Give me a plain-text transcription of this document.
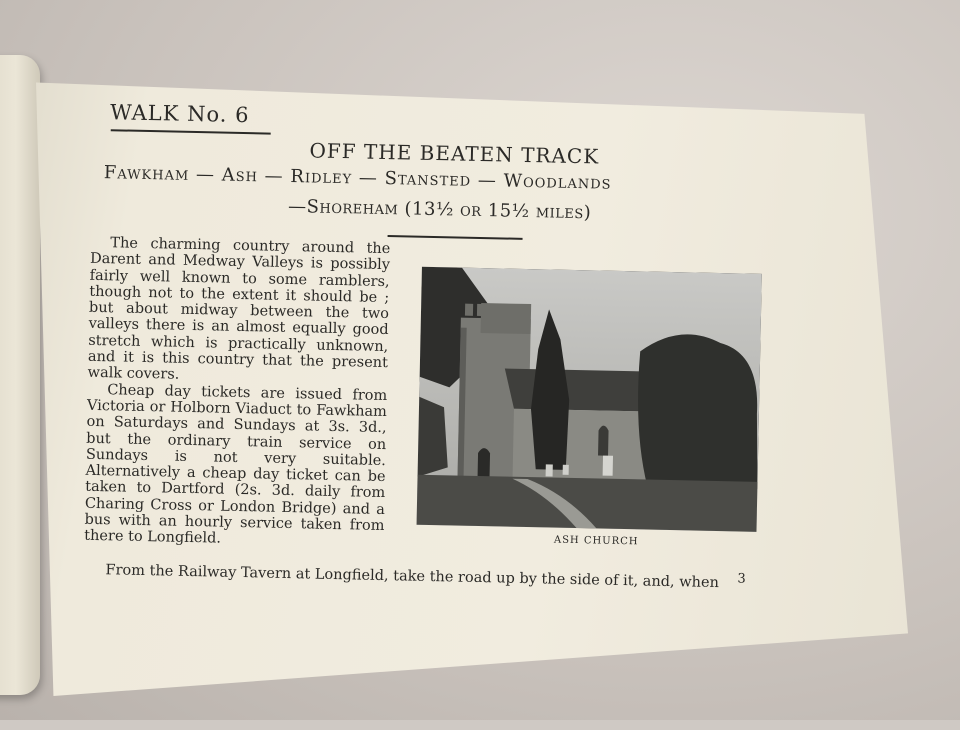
WALK No. 6
OFF THE BEATEN TRACK
Fawkham — Ash — Ridley — Stansted — Woodlands
—Shoreham (13½ or 15½ miles)

The charming country around the Darent and Medway Valleys is possibly fairly well known to some ramblers, though not to the extent it should be ; but about midway between the two valleys there is an almost equally good stretch which is practically unknown, and it is this country that the present walk covers.

Cheap day tickets are issued from Victoria or Holborn Viaduct to Fawkham on Saturdays and Sundays at 3s. 3d., but the ordinary train service on Sundays is not very suitable. Alternatively a cheap day ticket can be taken to Dartford (2s. 3d. daily from Charing Cross or London Bridge) and a bus with an hourly service taken from there to Longfield.	ASH CHURCH
From the Railway Tavern at Longfield, take the road up by the side of it, and, when	3
